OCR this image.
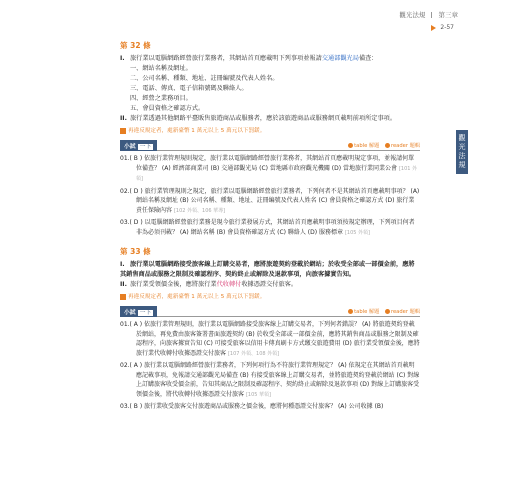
觀光法規 第三章
2-57
觀光法規
第 32 條

I. 旅行業以電腦網路經營旅行業務者，其網站首頁應載明下列事項並報請交通部觀光局備查：

一、網站名稱及網址。

二、公司名稱、種類、地址、註冊編號及代表人姓名。

三、電話、傳真、電子信箱號碼及聯絡人。

四、經營之業務項目。

五、會員資格之確認方式。

II. 旅行業透過其他網路平臺販售旅遊商品或服務者，應於該旅遊商品或服務網頁載明前項所定事項。

再違反規定者，處新臺幣 1 萬元以上 5 萬元以下罰鍰。
小試 一下	table 解題 reader 題輯

01.( B ) 依旅行業管理規則規定，旅行業以電腦網路經營旅行業務者，其網站首頁應載明規定事項，並報請何單位備查？ (A) 經濟部商業司 (B) 交通部觀光局 (C) 當地縣市政府觀光機關 (D) 當地旅行業同業公會 [101 外領]

02.( D ) 旅行業管理規則之規定，旅行業以電腦網路經營旅行業務者，下列何者不是其網站首頁應載明事項？ (A) 網站名稱及網址 (B) 公司名稱、種類、地址、註冊編號及代表人姓名 (C) 會員資格之確認方式 (D) 旅行業責任保險內容 [102 外領、106 華導]

03.( D ) 以電腦網路經營旅行業務是現今旅行業發展方式，其網站首頁應載明事項須按規定辦理，下列項目何者非為必須刊載？ (A) 網站名稱 (B) 會員資格確認方式 (C) 聯絡人 (D) 服務標章 [105 外領]

第 33 條

I. 旅行業以電腦網路接受旅客線上訂購交易者，應將旅遊契約登載於網站；於收受全部或一部價金前，應將其銷售商品或服務之限制及確認程序、契約終止或解除及退款事項，向旅客據實告知。

II. 旅行業受領價金後，應將旅行業代收轉付收據憑證交付旅客。

再違反規定者，處新臺幣 1 萬元以上 5 萬元以下罰鍰。
小試 一下	table 解題 reader 題輯

01.( A ) 依旅行業管理規則，旅行業以電腦網路接受旅客線上訂購交易者，下列何者錯誤？ (A) 將旅遊契約登載於網站，再免費由旅客簽署書面旅遊契約 (B) 於收受全部或一部價金前，應將其銷售商品或服務之限制及確認程序，向旅客據實告知 (C) 可接受旅客以信用卡傳真刷卡方式繳交旅遊費用 (D) 旅行業受領價金後，應將旅行業代收轉付收據憑證交付旅客 [107 外領、108 外領]

02.( A ) 旅行業以電腦網路經營旅行業務者，下列何項行為不符旅行業管理規定？ (A) 依規定在其網站首頁載明應記載事項，免報請交通部觀光局備查 (B) 有接受旅客線上訂購交易者，並將旅遊契約登載於網站 (C) 對線上訂購旅客收受價金前，告知其商品之限制及確認程序、契約終止或解除及退款事項 (D) 對線上訂購旅客受領價金後，將代收轉付收據憑證交付旅客 [105 華領]

03.( B ) 旅行業收受旅客交付旅遊商品或服務之價金後，應將何種憑證交付旅客？ (A) 公司收據 (B)
